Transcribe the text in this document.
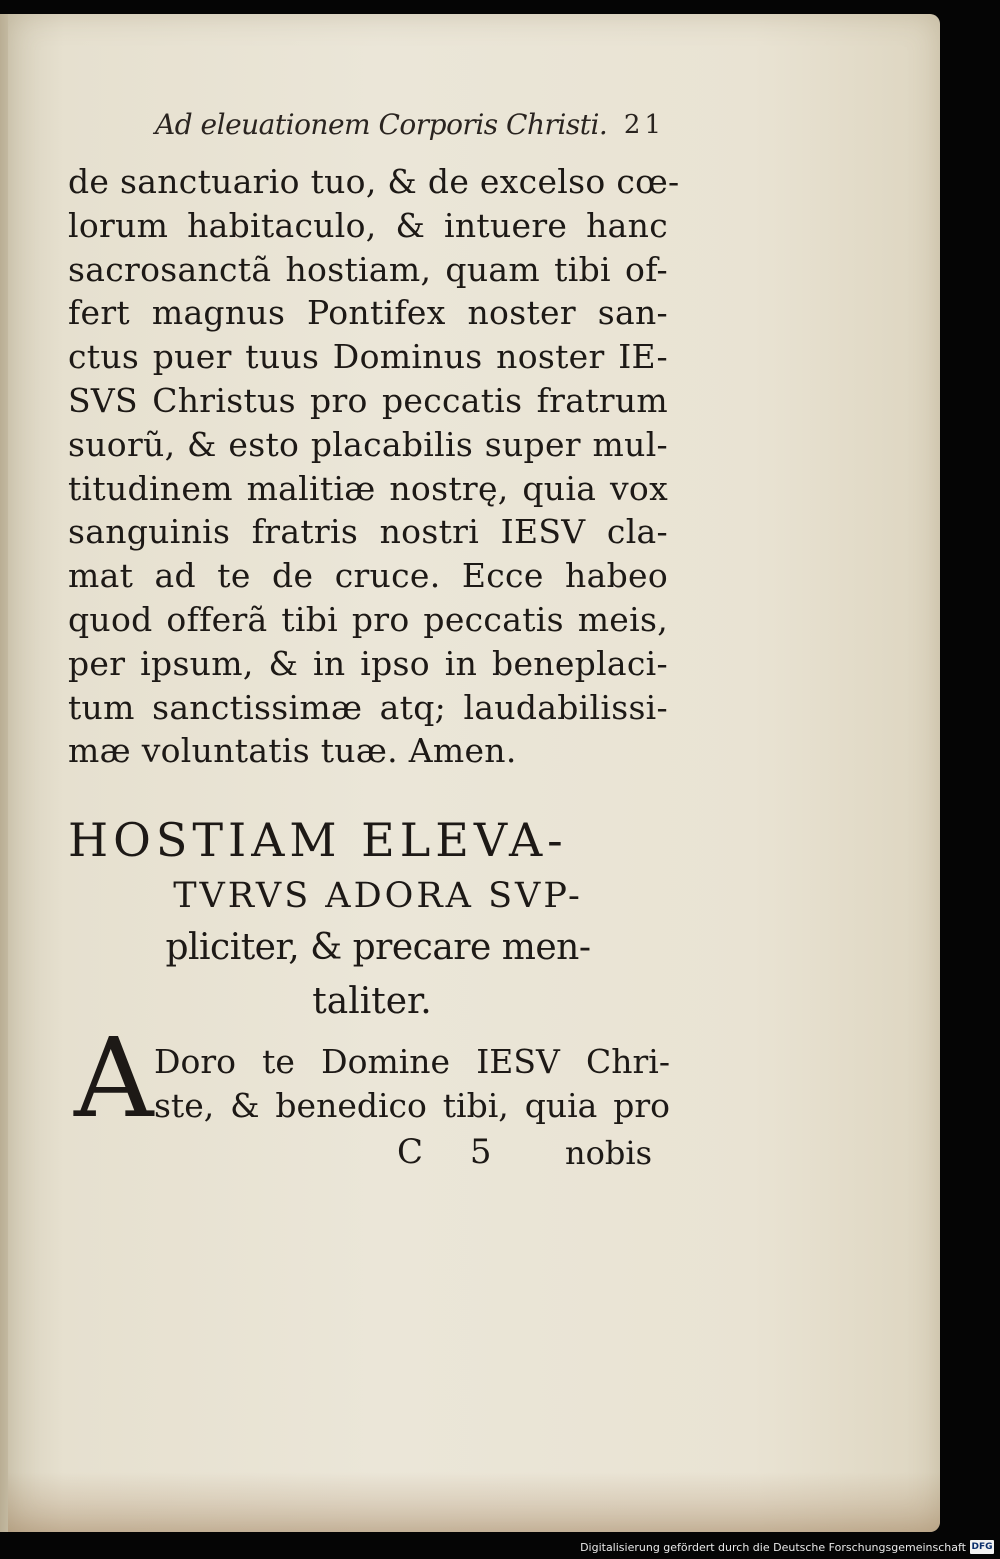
Ad eleuationem Corporis Christi. 21
de sanctuario tuo, & de excelso cœ-
lorum habitaculo, & intuere hanc
sacrosanctã hostiam, quam tibi of-
fert magnus Pontifex noster san-
ctus puer tuus Dominus noster IE-
SVS Christus pro peccatis fratrum
suorũ, & esto placabilis super mul-
titudinem malitiæ nostrę, quia vox
sanguinis fratris nostri IESV cla-
mat ad te de cruce. Ecce habeo
quod offerã tibi pro peccatis meis,
per ipsum, & in ipso in beneplaci-
tum sanctissimæ atq; laudabilissi-
mæ voluntatis tuæ. Amen.
HOSTIAM ELEVA-
TVRVS ADORA SVP-
pliciter, & precare men-
taliter.
A Doro te Domine IESV Chri-
ste, & benedico tibi, quia pro
C 5 nobis
Digitalisierung gefördert durch die Deutsche Forschungsgemeinschaft DFG
